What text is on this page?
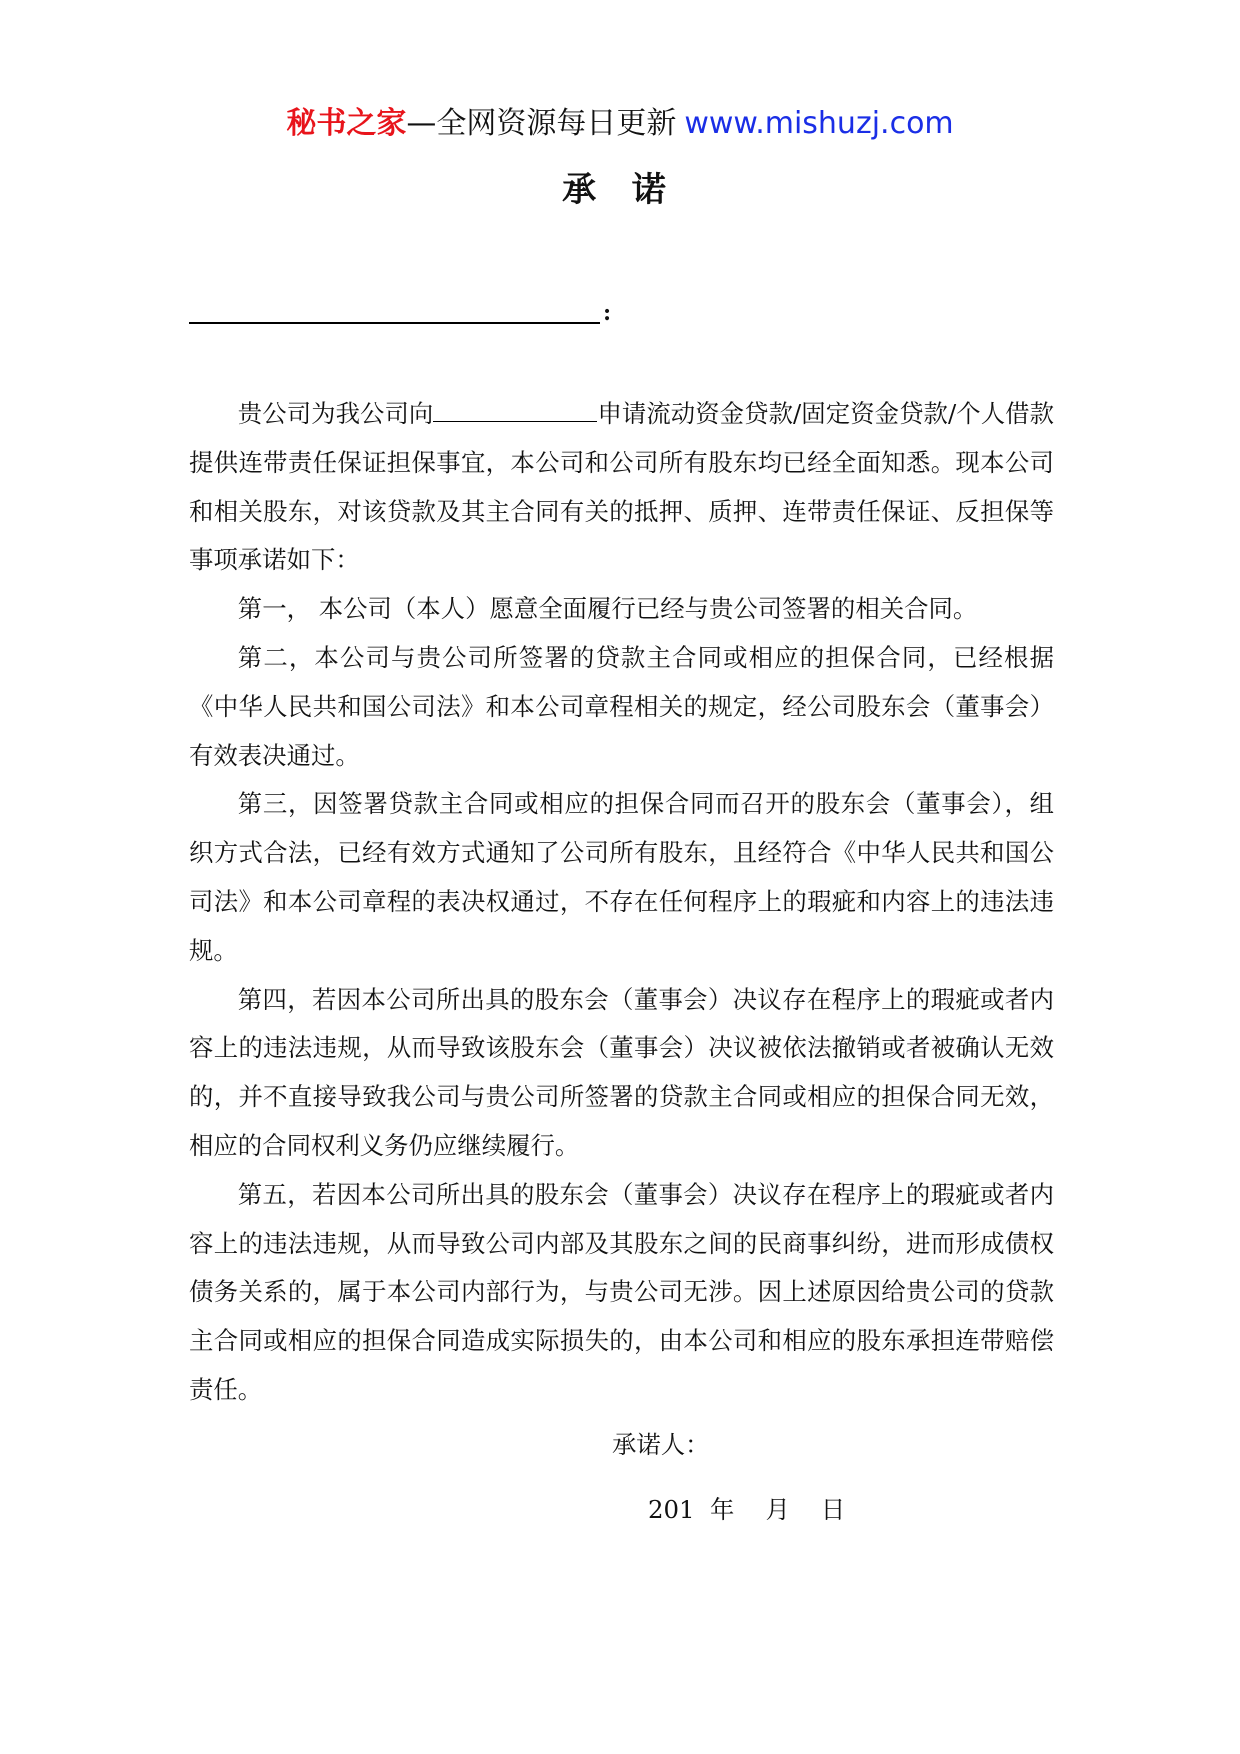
秘书之家—全网资源每日更新 www.mishuzj.com
承 诺
:

贵公司为我公司向	申请流动资金贷款/固定资金贷款/个人借款提供连带责任保证担保事宜，本公司和公司所有股东均已经全面知悉。现本公司和相关股东，对该贷款及其主合同有关的抵押、质押、连带责任保证、反担保等事项承诺如下：

第一， 本公司（本人）愿意全面履行已经与贵公司签署的相关合同。

第二，本公司与贵公司所签署的贷款主合同或相应的担保合同，已经根据《中华人民共和国公司法》和本公司章程相关的规定，经公司股东会（董事会）有效表决通过。

第三，因签署贷款主合同或相应的担保合同而召开的股东会（董事会），组织方式合法，已经有效方式通知了公司所有股东，且经符合《中华人民共和国公司法》和本公司章程的表决权通过，不存在任何程序上的瑕疵和内容上的违法违规。

第四，若因本公司所出具的股东会（董事会）决议存在程序上的瑕疵或者内容上的违法违规，从而导致该股东会（董事会）决议被依法撤销或者被确认无效的，并不直接导致我公司与贵公司所签署的贷款主合同或相应的担保合同无效，相应的合同权利义务仍应继续履行。

第五，若因本公司所出具的股东会（董事会）决议存在程序上的瑕疵或者内容上的违法违规，从而导致公司内部及其股东之间的民商事纠纷，进而形成债权债务关系的，属于本公司内部行为，与贵公司无涉。因上述原因给贵公司的贷款主合同或相应的担保合同造成实际损失的，由本公司和相应的股东承担连带赔偿责任。

承诺人：
201  年    月    日
